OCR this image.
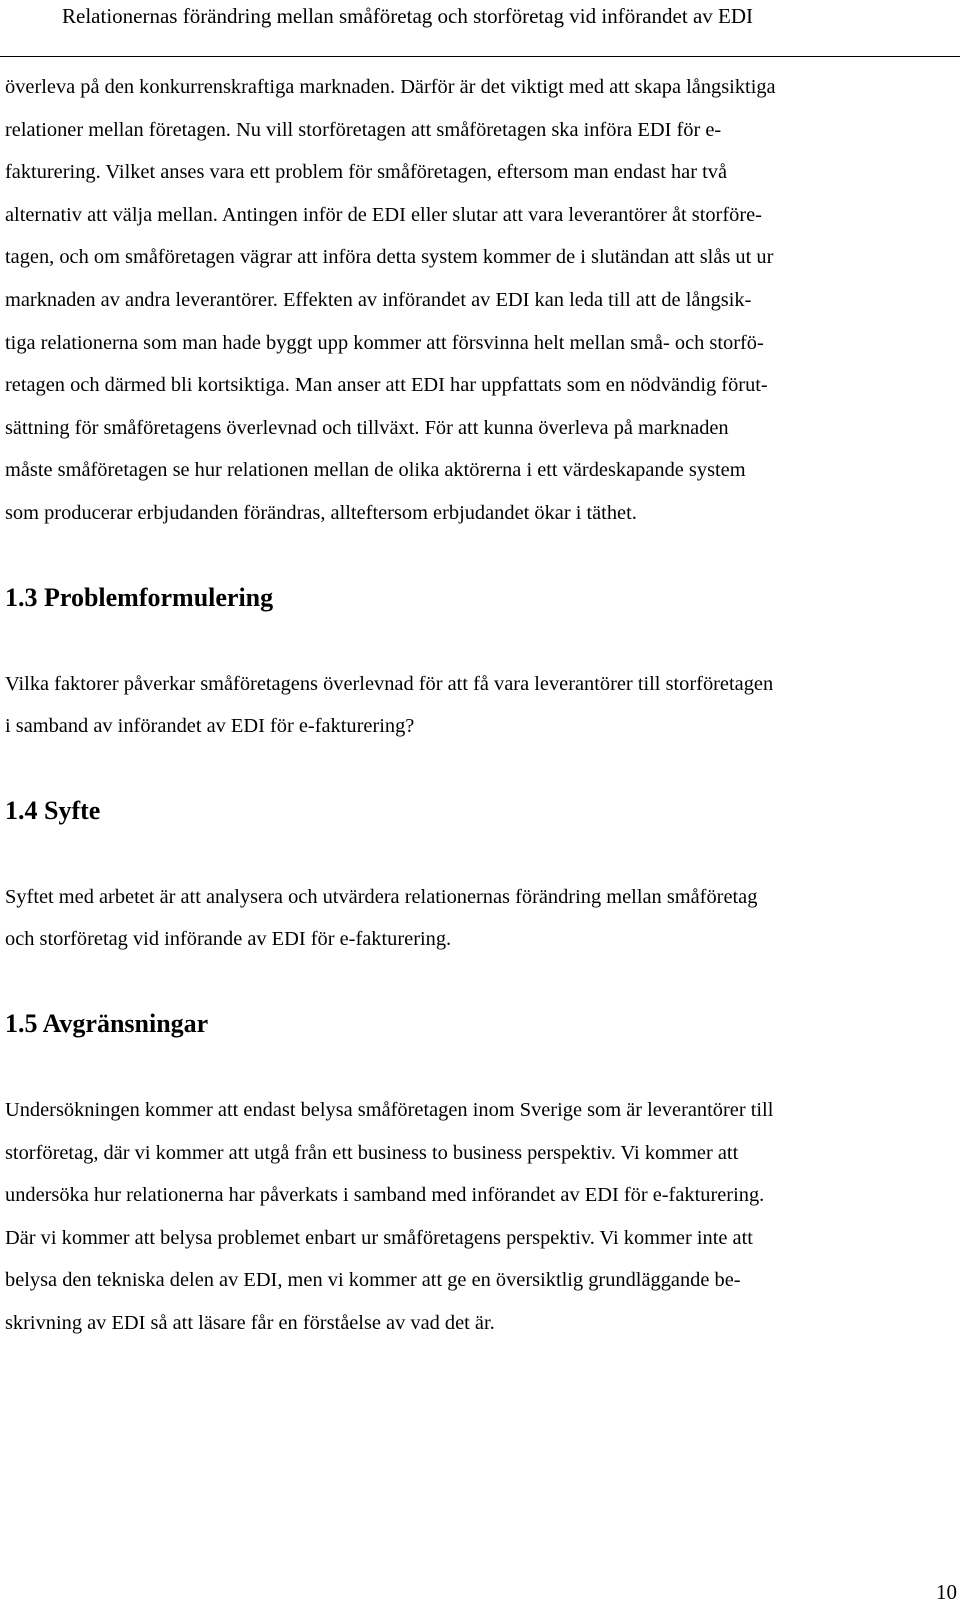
Relationernas förändring mellan småföretag och storföretag vid införandet av EDI

överleva på den konkurrenskraftiga marknaden. Därför är det viktigt med att skapa långsiktiga
relationer mellan företagen. Nu vill storföretagen att småföretagen ska införa EDI för e-
fakturering. Vilket anses vara ett problem för småföretagen, eftersom man endast har två
alternativ att välja mellan. Antingen inför de EDI eller slutar att vara leverantörer åt storföre-
tagen, och om småföretagen vägrar att införa detta system kommer de i slutändan att slås ut ur
marknaden av andra leverantörer. Effekten av införandet av EDI kan leda till att de långsik-
tiga relationerna som man hade byggt upp kommer att försvinna helt mellan små- och storfö-
retagen och därmed bli kortsiktiga. Man anser att EDI har uppfattats som en nödvändig förut-
sättning för småföretagens överlevnad och tillväxt. För att kunna överleva på marknaden
måste småföretagen se hur relationen mellan de olika aktörerna i ett värdeskapande system
som producerar erbjudanden förändras, allteftersom erbjudandet ökar i täthet.

1.3 Problemformulering

Vilka faktorer påverkar småföretagens överlevnad för att få vara leverantörer till storföretagen
i samband av införandet av EDI för e-fakturering?

1.4 Syfte

Syftet med arbetet är att analysera och utvärdera relationernas förändring mellan småföretag
och storföretag vid införande av EDI för e-fakturering.

1.5 Avgränsningar

Undersökningen kommer att endast belysa småföretagen inom Sverige som är leverantörer till
storföretag, där vi kommer att utgå från ett business to business perspektiv. Vi kommer att
undersöka hur relationerna har påverkats i samband med införandet av EDI för e-fakturering.
Där vi kommer att belysa problemet enbart ur småföretagens perspektiv. Vi kommer inte att
belysa den tekniska delen av EDI, men vi kommer att ge en översiktlig grundläggande be-
skrivning av EDI så att läsare får en förståelse av vad det är.

10
